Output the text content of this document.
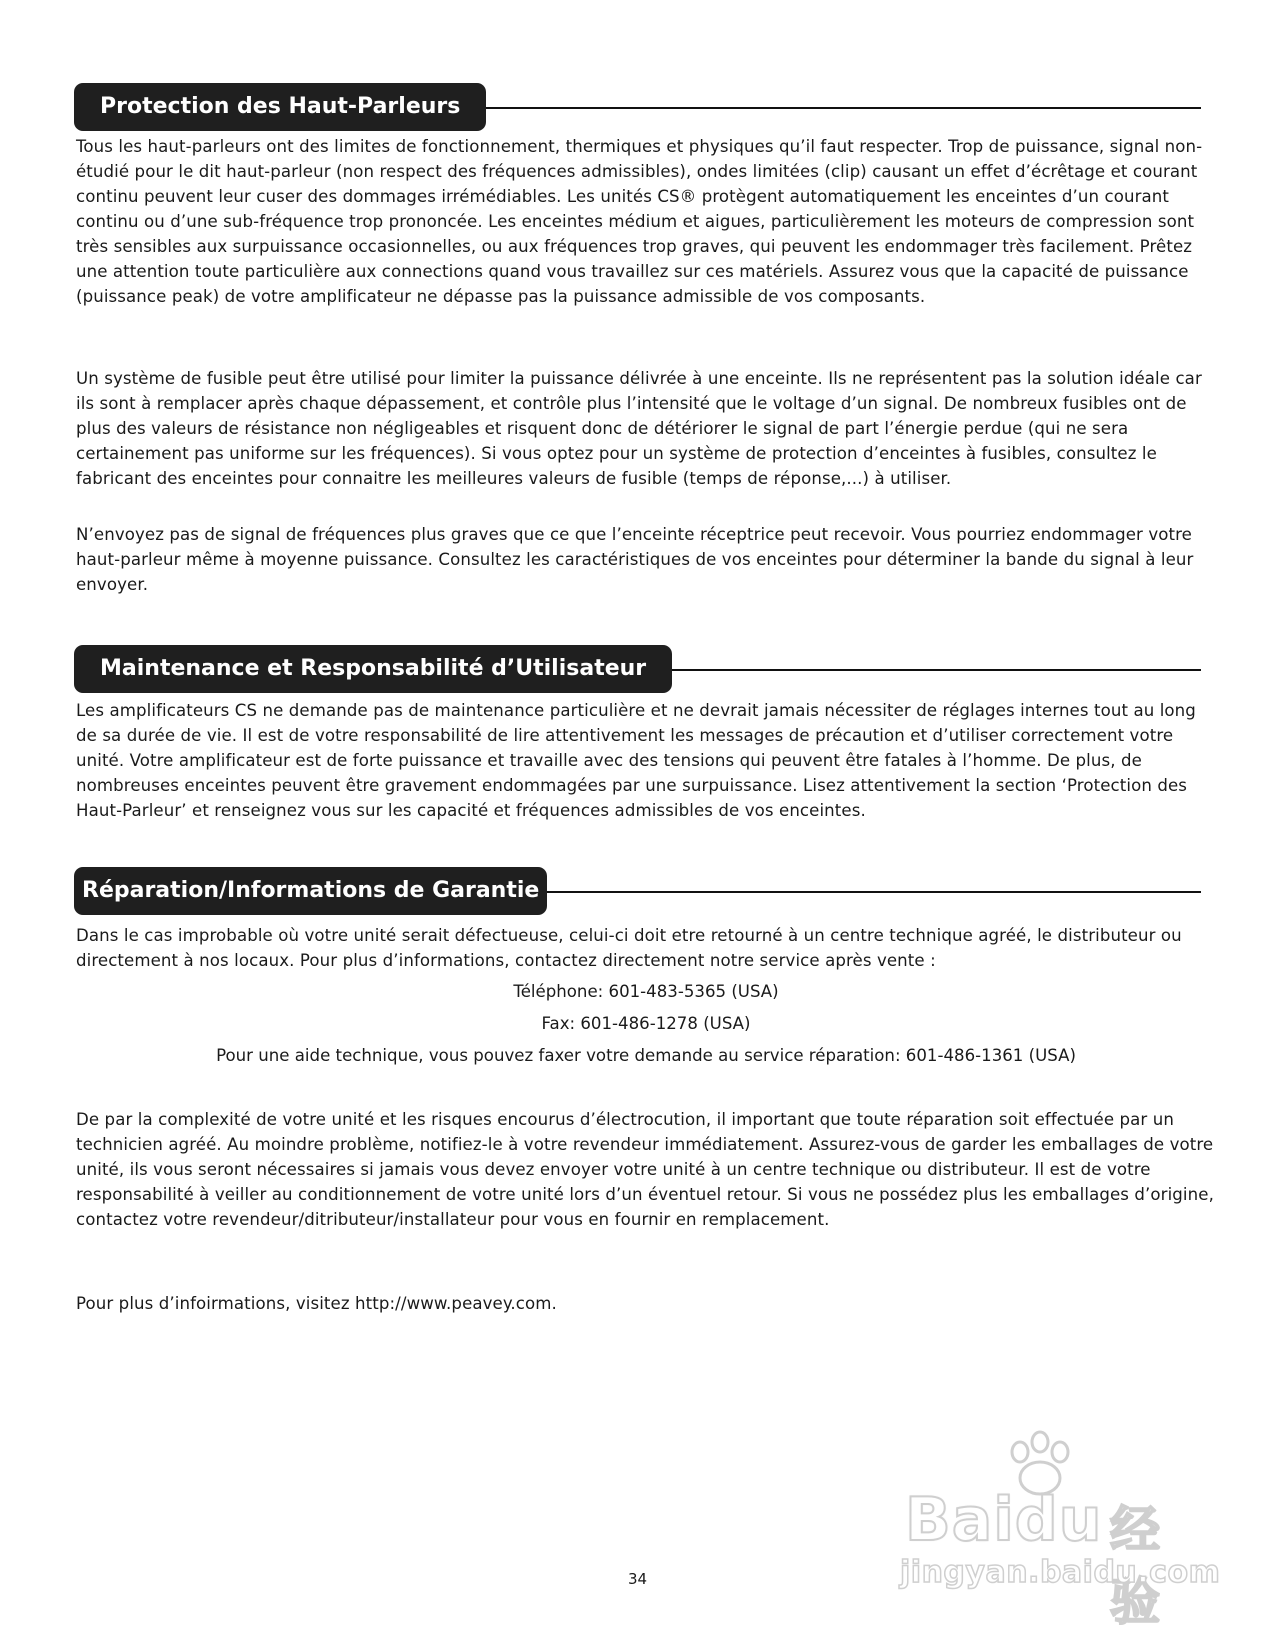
Protection des Haut-Parleurs

Tous les haut-parleurs ont des limites de fonctionnement, thermiques et physiques qu’il faut respecter. Trop de puissance, signal non-étudié pour le dit haut-parleur (non respect des fréquences admissibles), ondes limitées (clip) causant un effet d’écrêtage et courant continu peuvent leur cuser des dommages irrémédiables. Les unités CS® protègent automatiquement les enceintes d’un courant continu ou d’une sub-fréquence trop prononcée. Les enceintes médium et aigues, particulièrement les moteurs de compression sont très sensibles aux surpuissance occasionnelles, ou aux fréquences trop graves, qui peuvent les endommager très facilement. Prêtez une attention toute particulière aux connections quand vous travaillez sur ces matériels. Assurez vous que la capacité de puissance (puissance peak) de votre amplificateur ne dépasse pas la puissance admissible de vos composants.

Un système de fusible peut être utilisé pour limiter la puissance délivrée à une enceinte. Ils ne représentent pas la solution idéale car ils sont à remplacer après chaque dépassement, et contrôle plus l’intensité que le voltage d’un signal. De nombreux fusibles ont de plus des valeurs de résistance non négligeables et risquent donc de détériorer le signal de part l’énergie perdue (qui ne sera certainement pas uniforme sur les fréquences). Si vous optez pour un système de protection d’enceintes à fusibles, consultez le fabricant des enceintes pour connaitre les meilleures valeurs de fusible (temps de réponse,...) à utiliser.

N’envoyez pas de signal de fréquences plus graves que ce que l’enceinte réceptrice peut recevoir. Vous pourriez endommager votre haut-parleur même à moyenne puissance. Consultez les caractéristiques de vos enceintes pour déterminer la bande du signal à leur envoyer.

Maintenance et Responsabilité d’Utilisateur

Les amplificateurs CS ne demande pas de maintenance particulière et ne devrait jamais nécessiter de réglages internes tout au long de sa durée de vie. Il est de votre responsabilité de lire attentivement les messages de précaution et d’utiliser correctement votre unité. Votre amplificateur est de forte puissance et travaille avec des tensions qui peuvent être fatales à l’homme. De plus, de nombreuses enceintes peuvent être gravement endommagées par une surpuissance. Lisez attentivement la section ‘Protection des Haut-Parleur’ et renseignez vous sur les capacité et fréquences admissibles de vos enceintes.

Réparation/Informations de Garantie

Dans le cas improbable où votre unité serait défectueuse, celui-ci doit etre retourné à un centre technique agréé, le distributeur ou directement à nos locaux. Pour plus d’informations, contactez directement notre service après vente :

Téléphone: 601-483-5365 (USA)

Fax: 601-486-1278 (USA)

Pour une aide technique, vous pouvez faxer votre demande au service réparation: 601-486-1361 (USA)

De par la complexité de votre unité et les risques encourus d’électrocution, il important que toute réparation soit effectuée par un technicien agréé. Au moindre problème, notifiez-le à votre revendeur immédiatement. Assurez-vous de garder les emballages de votre unité, ils vous seront nécessaires si jamais vous devez envoyer votre unité à un centre technique ou distributeur. Il est de votre responsabilité à veiller au conditionnement de votre unité lors d’un éventuel retour. Si vous ne possédez plus les emballages d’origine, contactez votre revendeur/ditributeur/installateur pour vous en fournir en remplacement.

Pour plus d’infoirmations, visitez http://www.peavey.com.

34
Baidu 经验
jingyan.baidu.com
